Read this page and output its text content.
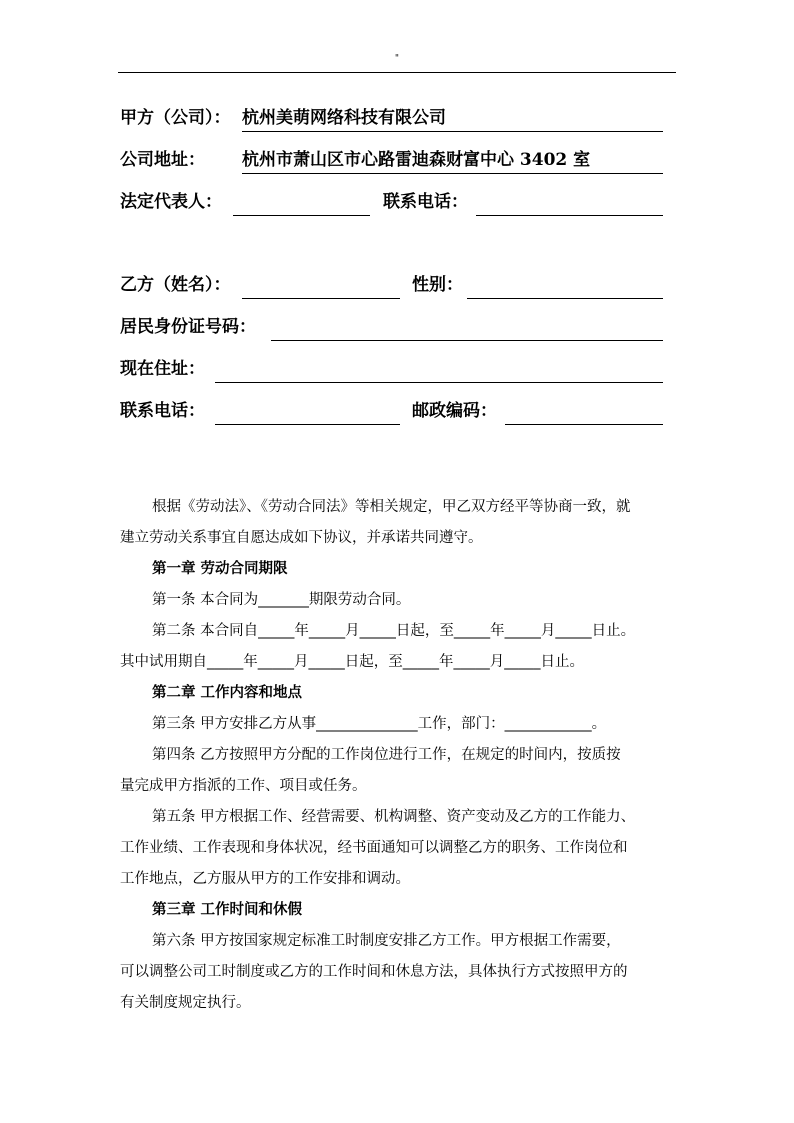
"
甲方（公司）： 杭州美萌网络科技有限公司
公司地址： 杭州市萧山区市心路雷迪森财富中心 3402 室
法定代表人：	联系电话：
乙方（姓名）：	性别：
居民身份证号码：
现在住址：
联系电话：	邮政编码：

根据《劳动法》、《劳动合同法》等相关规定，甲乙双方经平等协商一致，就

建立劳动关系事宜自愿达成如下协议，并承诺共同遵守。

第一章 劳动合同期限

第一条 本合同为_______期限劳动合同。

第二条 本合同自_____年_____月_____日起，至_____年_____月_____日止。

其中试用期自_____年_____月_____日起，至_____年_____月_____日止。

第二章 工作内容和地点

第三条 甲方安排乙方从事______________工作，部门：____________。

第四条 乙方按照甲方分配的工作岗位进行工作，在规定的时间内，按质按

量完成甲方指派的工作、项目或任务。

第五条 甲方根据工作、经营需要、机构调整、资产变动及乙方的工作能力、

工作业绩、工作表现和身体状况，经书面通知可以调整乙方的职务、工作岗位和

工作地点，乙方服从甲方的工作安排和调动。

第三章 工作时间和休假

第六条 甲方按国家规定标准工时制度安排乙方工作。甲方根据工作需要，

可以调整公司工时制度或乙方的工作时间和休息方法，具体执行方式按照甲方的

有关制度规定执行。
